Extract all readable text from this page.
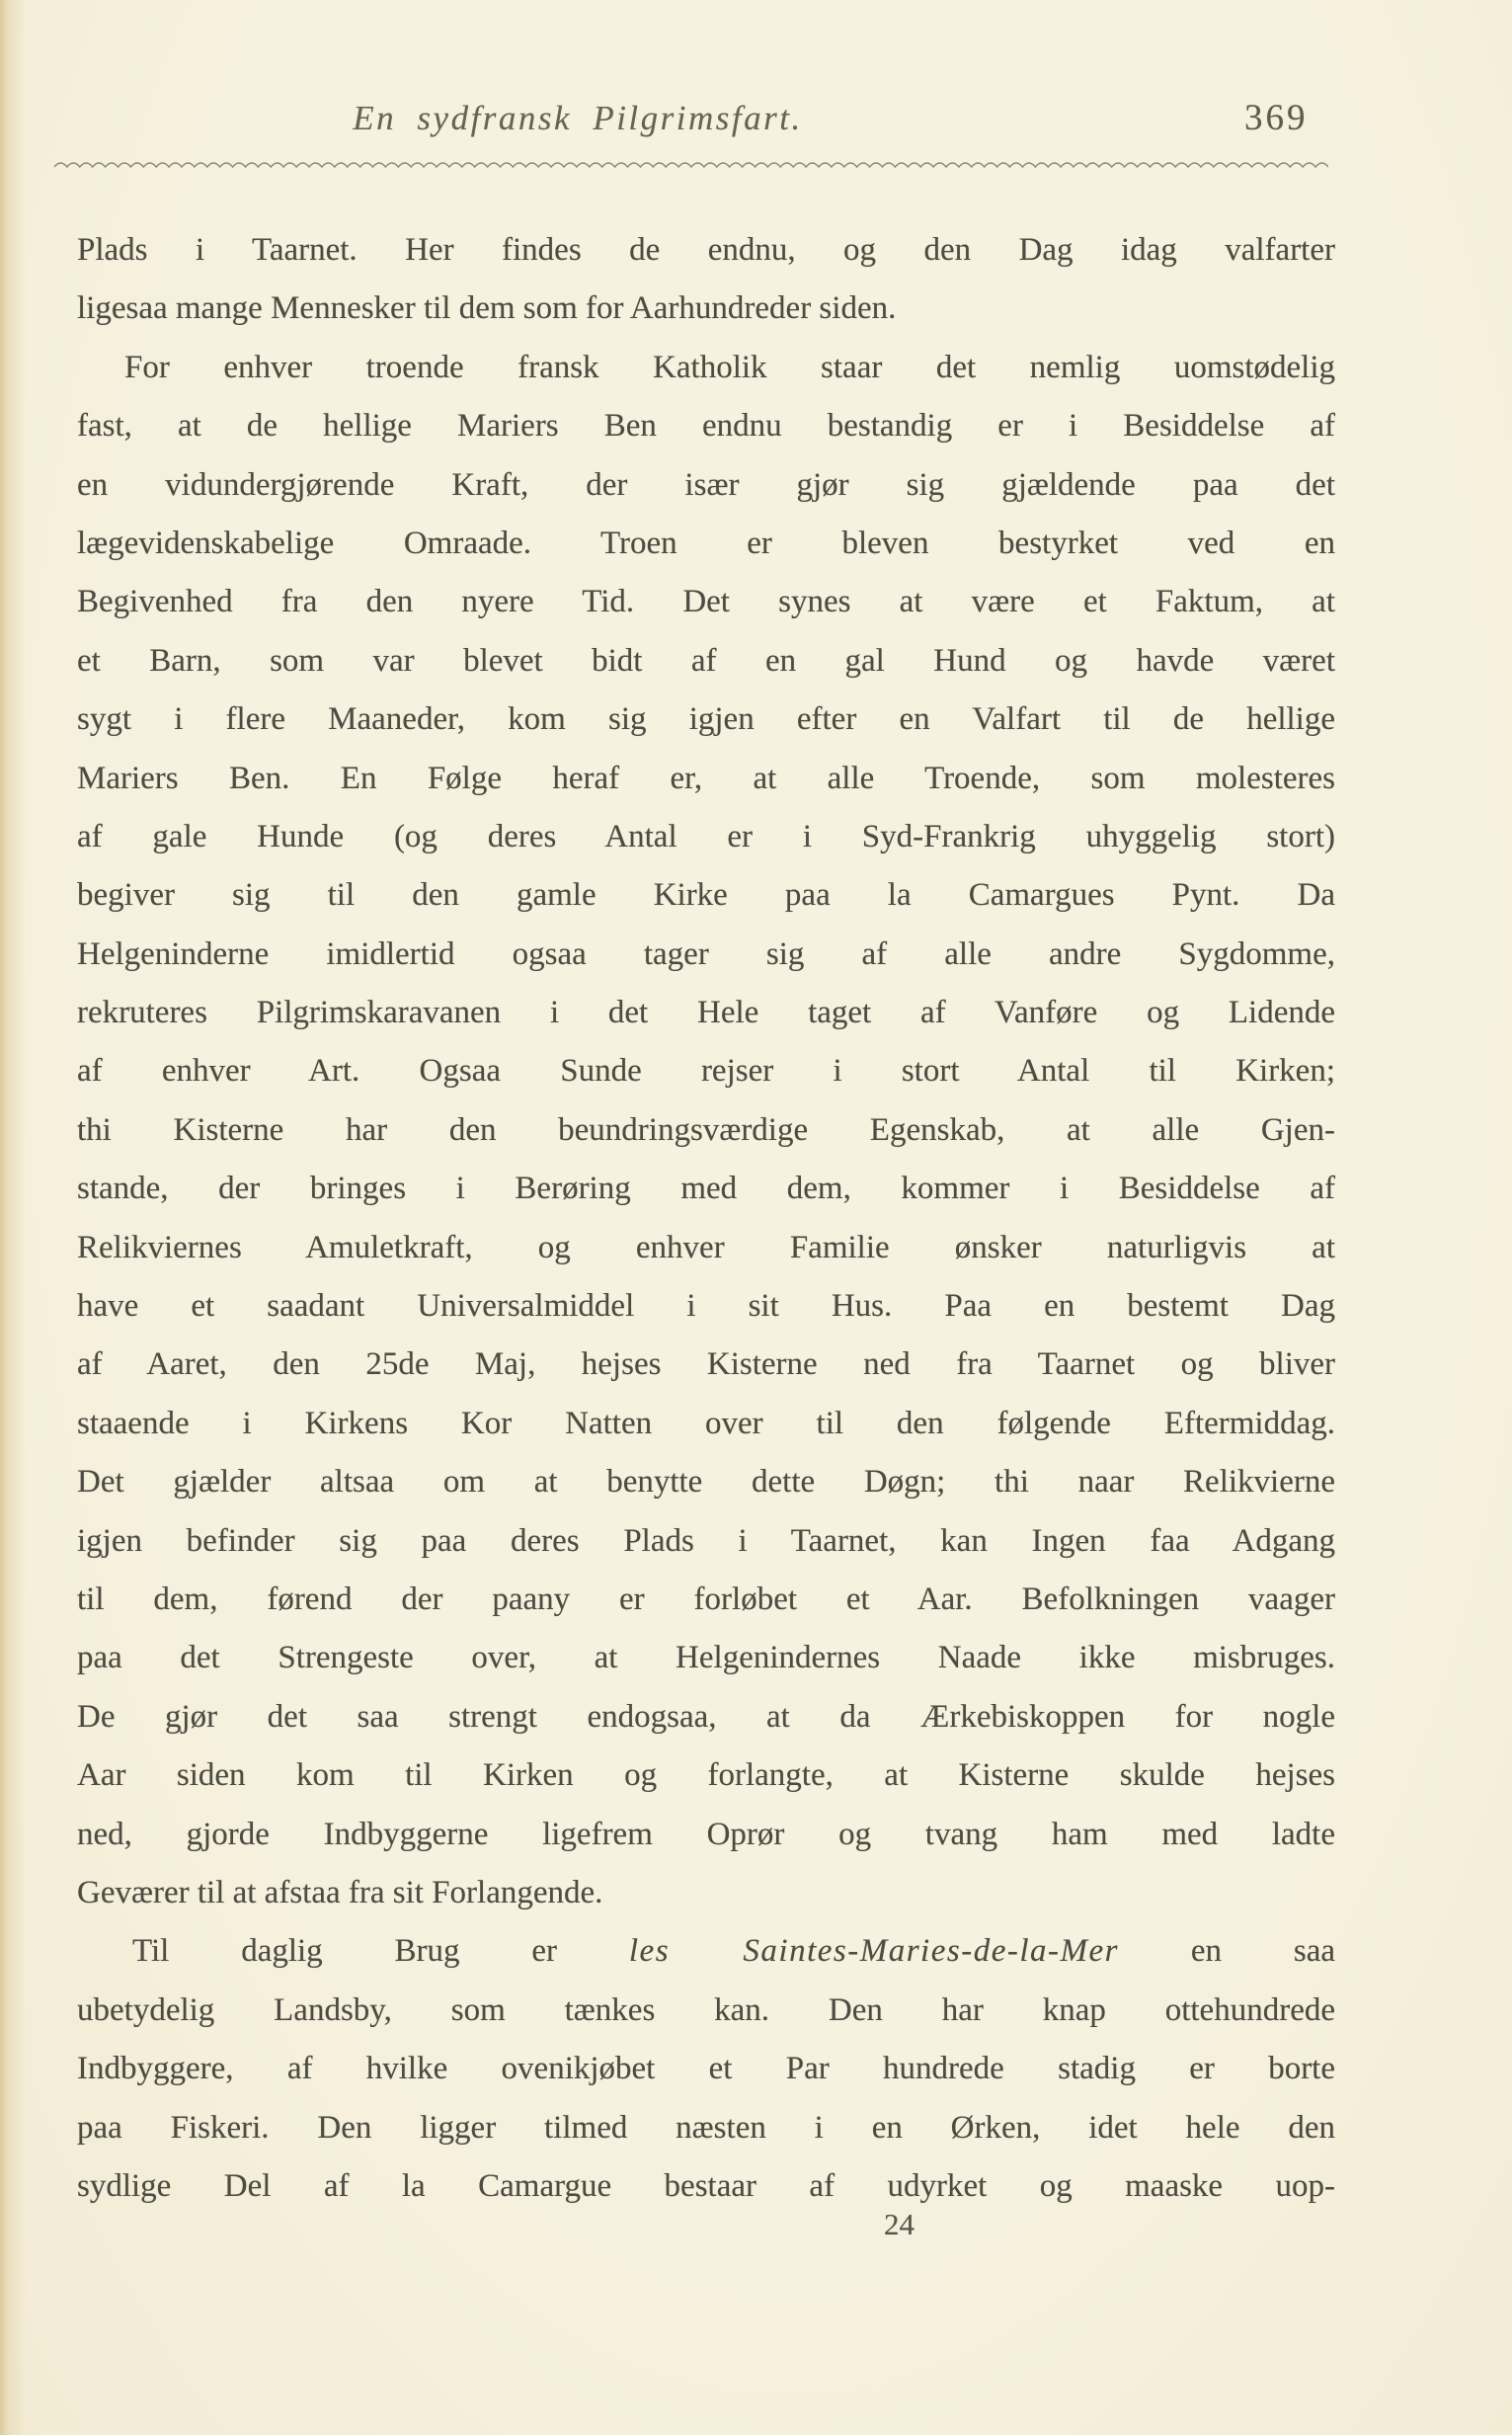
En sydfransk Pilgrimsfart.	369
Plads i Taarnet. Her findes de endnu, og den Dag idag valfarter
ligesaa mange Mennesker til dem som for Aarhundreder siden.
For enhver troende fransk Katholik staar det nemlig uomstødelig
fast, at de hellige Mariers Ben endnu bestandig er i Besiddelse af
en vidundergjørende Kraft, der især gjør sig gjældende paa det
lægevidenskabelige Omraade. Troen er bleven bestyrket ved en
Begivenhed fra den nyere Tid. Det synes at være et Faktum, at
et Barn, som var blevet bidt af en gal Hund og havde været
sygt i flere Maaneder, kom sig igjen efter en Valfart til de hellige
Mariers Ben. En Følge heraf er, at alle Troende, som molesteres
af gale Hunde (og deres Antal er i Syd-Frankrig uhyggelig stort)
begiver sig til den gamle Kirke paa la Camargues Pynt. Da
Helgeninderne imidlertid ogsaa tager sig af alle andre Sygdomme,
rekruteres Pilgrimskaravanen i det Hele taget af Vanføre og Lidende
af enhver Art. Ogsaa Sunde rejser i stort Antal til Kirken;
thi Kisterne har den beundringsværdige Egenskab, at alle Gjen-
stande, der bringes i Berøring med dem, kommer i Besiddelse af
Relikviernes Amuletkraft, og enhver Familie ønsker naturligvis at
have et saadant Universalmiddel i sit Hus. Paa en bestemt Dag
af Aaret, den 25de Maj, hejses Kisterne ned fra Taarnet og bliver
staaende i Kirkens Kor Natten over til den følgende Eftermiddag.
Det gjælder altsaa om at benytte dette Døgn; thi naar Relikvierne
igjen befinder sig paa deres Plads i Taarnet, kan Ingen faa Adgang
til dem, førend der paany er forløbet et Aar. Befolkningen vaager
paa det Strengeste over, at Helgenindernes Naade ikke misbruges.
De gjør det saa strengt endogsaa, at da Ærkebiskoppen for nogle
Aar siden kom til Kirken og forlangte, at Kisterne skulde hejses
ned, gjorde Indbyggerne ligefrem Oprør og tvang ham med ladte
Geværer til at afstaa fra sit Forlangende.
Til daglig Brug er les Saintes-Maries-de-la-Mer en saa
ubetydelig Landsby, som tænkes kan. Den har knap ottehundrede
Indbyggere, af hvilke ovenikjøbet et Par hundrede stadig er borte
paa Fiskeri. Den ligger tilmed næsten i en Ørken, idet hele den
sydlige Del af la Camargue bestaar af udyrket og maaske uop-
24
